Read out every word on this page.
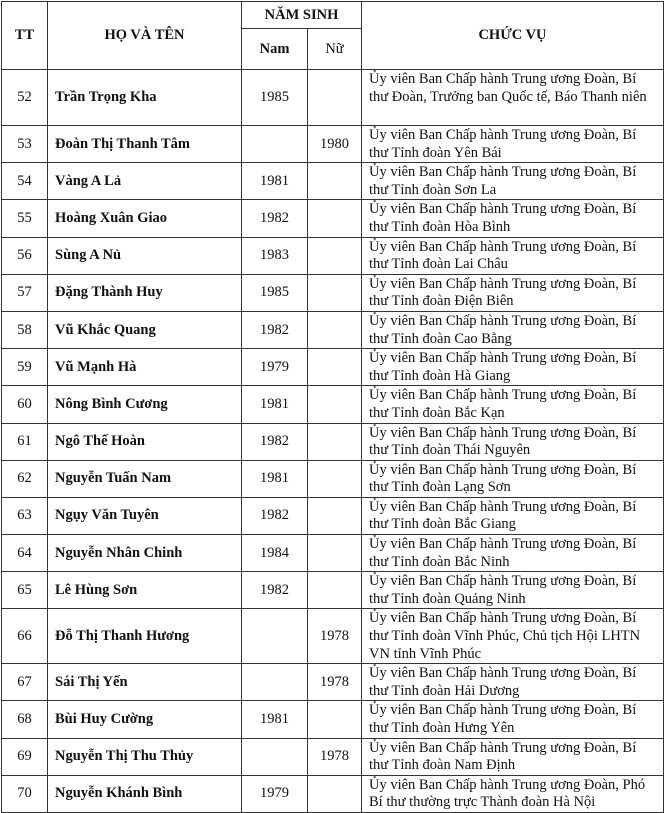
TT	HỌ VÀ TÊN	NĂM SINH		CHỨC VỤ
		Nam	Nữ	
52	Trần Trọng Kha	1985		Ủy viên Ban Chấp hành Trung ương Đoàn, Bí thư Đoàn, Trưởng ban Quốc tế, Báo Thanh niên
53	Đoàn Thị Thanh Tâm		1980	Ủy viên Ban Chấp hành Trung ương Đoàn, Bí thư Tỉnh đoàn Yên Bái
54	Vàng A Lả	1981		Ủy viên Ban Chấp hành Trung ương Đoàn, Bí thư Tỉnh đoàn Sơn La
55	Hoàng Xuân Giao	1982		Ủy viên Ban Chấp hành Trung ương Đoàn, Bí thư Tỉnh đoàn Hòa Bình
56	Sùng A Nủ	1983		Ủy viên Ban Chấp hành Trung ương Đoàn, Bí thư Tỉnh đoàn Lai Châu
57	Đặng Thành Huy	1985		Ủy viên Ban Chấp hành Trung ương Đoàn, Bí thư Tỉnh đoàn Điện Biên
58	Vũ Khắc Quang	1982		Ủy viên Ban Chấp hành Trung ương Đoàn, Bí thư Tỉnh đoàn Cao Bằng
59	Vũ Mạnh Hà	1979		Ủy viên Ban Chấp hành Trung ương Đoàn, Bí thư Tỉnh đoàn Hà Giang
60	Nông Bình Cương	1981		Ủy viên Ban Chấp hành Trung ương Đoàn, Bí thư Tỉnh đoàn Bắc Kạn
61	Ngô Thế Hoàn	1982		Ủy viên Ban Chấp hành Trung ương Đoàn, Bí thư Tỉnh đoàn Thái Nguyên
62	Nguyễn Tuấn Nam	1981		Ủy viên Ban Chấp hành Trung ương Đoàn, Bí thư Tỉnh đoàn Lạng Sơn
63	Ngụy Văn Tuyên	1982		Ủy viên Ban Chấp hành Trung ương Đoàn, Bí thư Tỉnh đoàn Bắc Giang
64	Nguyễn Nhân Chinh	1984		Ủy viên Ban Chấp hành Trung ương Đoàn, Bí thư Tỉnh đoàn Bắc Ninh
65	Lê Hùng Sơn	1982		Ủy viên Ban Chấp hành Trung ương Đoàn, Bí thư Tỉnh đoàn Quảng Ninh
66	Đỗ Thị Thanh Hương		1978	Ủy viên Ban Chấp hành Trung ương Đoàn, Bí thư Tỉnh đoàn Vĩnh Phúc, Chủ tịch Hội LHTN VN tỉnh Vĩnh Phúc
67	Sái Thị Yến		1978	Ủy viên Ban Chấp hành Trung ương Đoàn, Bí thư Tỉnh đoàn Hải Dương
68	Bùi Huy Cường	1981		Ủy viên Ban Chấp hành Trung ương Đoàn, Bí thư Tỉnh đoàn Hưng Yên
69	Nguyễn Thị Thu Thủy		1978	Ủy viên Ban Chấp hành Trung ương Đoàn, Bí thư Tỉnh đoàn Nam Định
70	Nguyễn Khánh Bình	1979		Ủy viên Ban Chấp hành Trung ương Đoàn, Phó Bí thư thường trực Thành đoàn Hà Nội
